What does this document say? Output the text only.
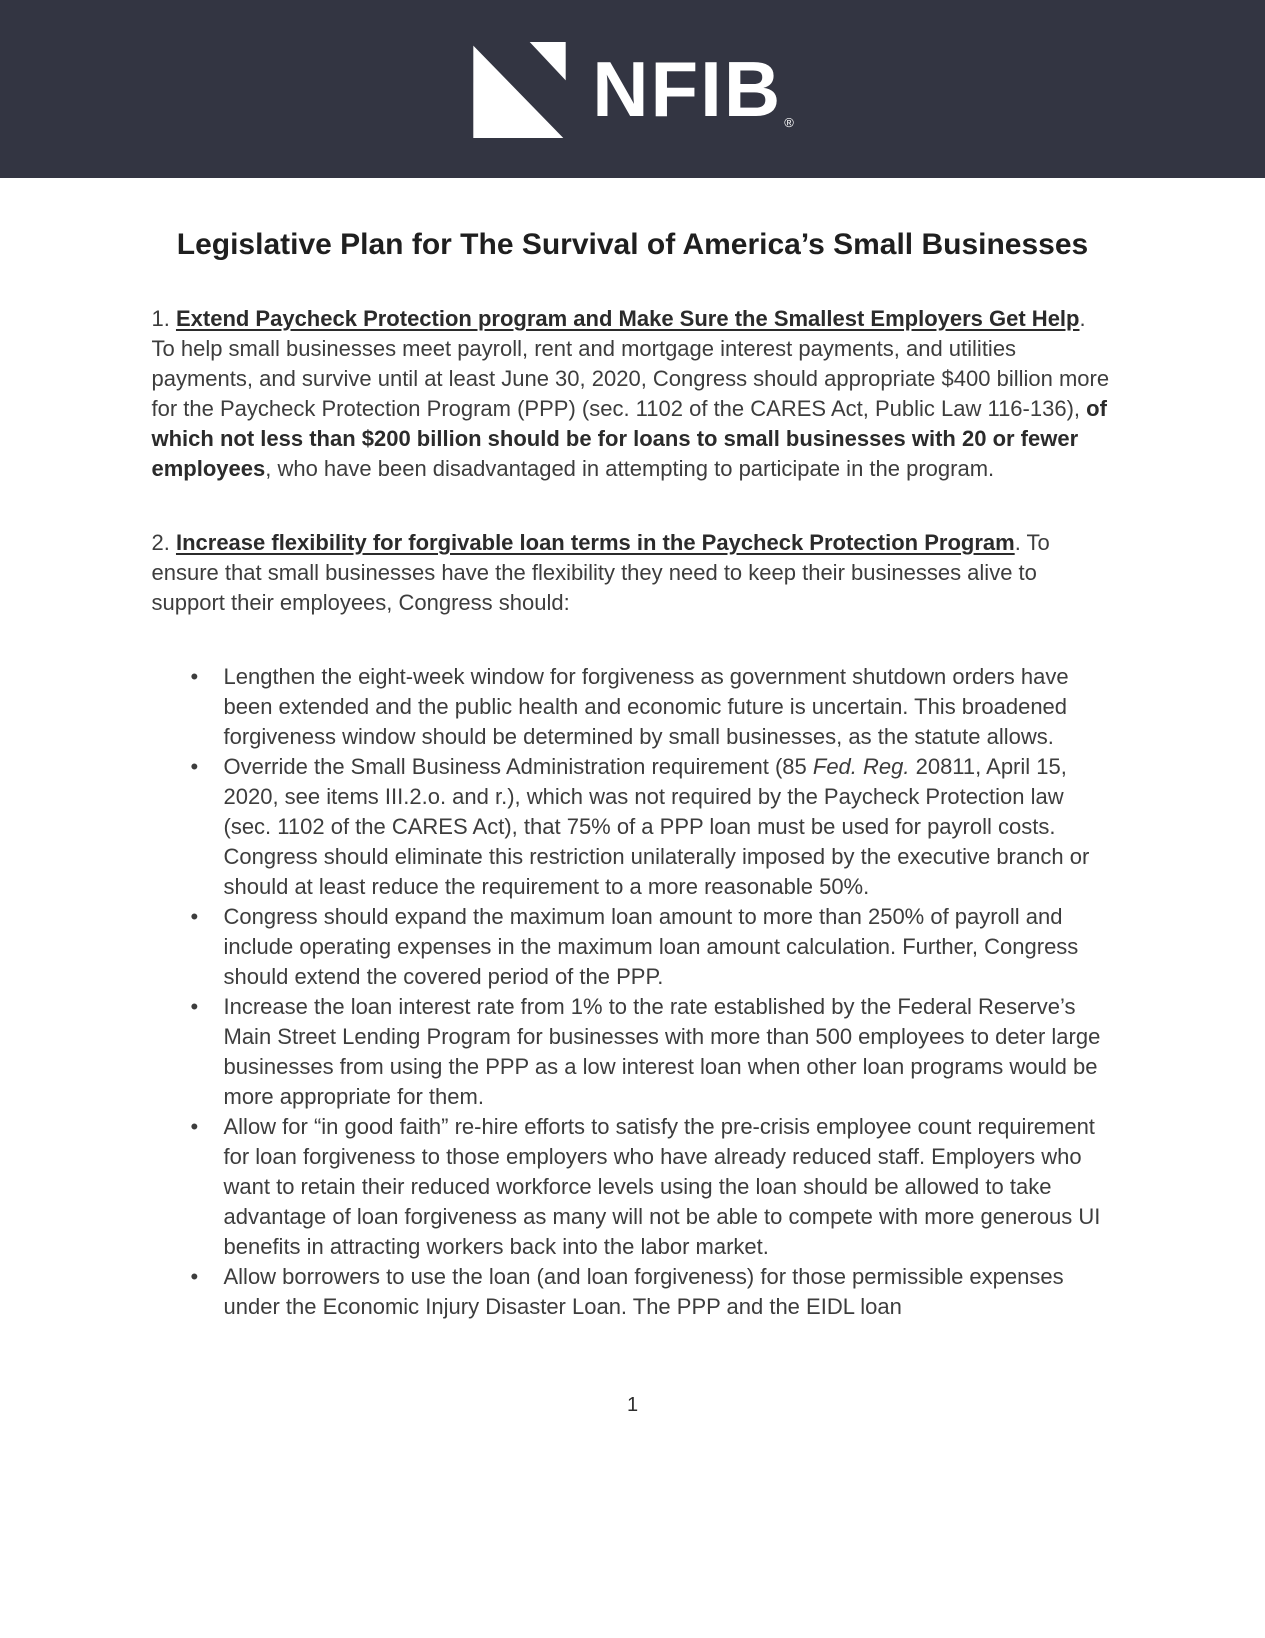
NFIB ®
Legislative Plan for The Survival of America’s Small Businesses

1. Extend Paycheck Protection program and Make Sure the Smallest Employers Get Help. To help small businesses meet payroll, rent and mortgage interest payments, and utilities payments, and survive until at least June 30, 2020, Congress should appropriate $400 billion more for the Paycheck Protection Program (PPP) (sec. 1102 of the CARES Act, Public Law 116-136), of which not less than $200 billion should be for loans to small businesses with 20 or fewer employees, who have been disadvantaged in attempting to participate in the program.

2. Increase flexibility for forgivable loan terms in the Paycheck Protection Program. To ensure that small businesses have the flexibility they need to keep their businesses alive to support their employees, Congress should:

• Lengthen the eight-week window for forgiveness as government shutdown orders have been extended and the public health and economic future is uncertain. This broadened forgiveness window should be determined by small businesses, as the statute allows.
• Override the Small Business Administration requirement (85 Fed. Reg. 20811, April 15, 2020, see items III.2.o. and r.), which was not required by the Paycheck Protection law (sec. 1102 of the CARES Act), that 75% of a PPP loan must be used for payroll costs. Congress should eliminate this restriction unilaterally imposed by the executive branch or should at least reduce the requirement to a more reasonable 50%.
• Congress should expand the maximum loan amount to more than 250% of payroll and include operating expenses in the maximum loan amount calculation. Further, Congress should extend the covered period of the PPP.
• Increase the loan interest rate from 1% to the rate established by the Federal Reserve’s Main Street Lending Program for businesses with more than 500 employees to deter large businesses from using the PPP as a low interest loan when other loan programs would be more appropriate for them.
• Allow for “in good faith” re-hire efforts to satisfy the pre-crisis employee count requirement for loan forgiveness to those employers who have already reduced staff. Employers who want to retain their reduced workforce levels using the loan should be allowed to take advantage of loan forgiveness as many will not be able to compete with more generous UI benefits in attracting workers back into the labor market.
• Allow borrowers to use the loan (and loan forgiveness) for those permissible expenses under the Economic Injury Disaster Loan. The PPP and the EIDL loan
1
